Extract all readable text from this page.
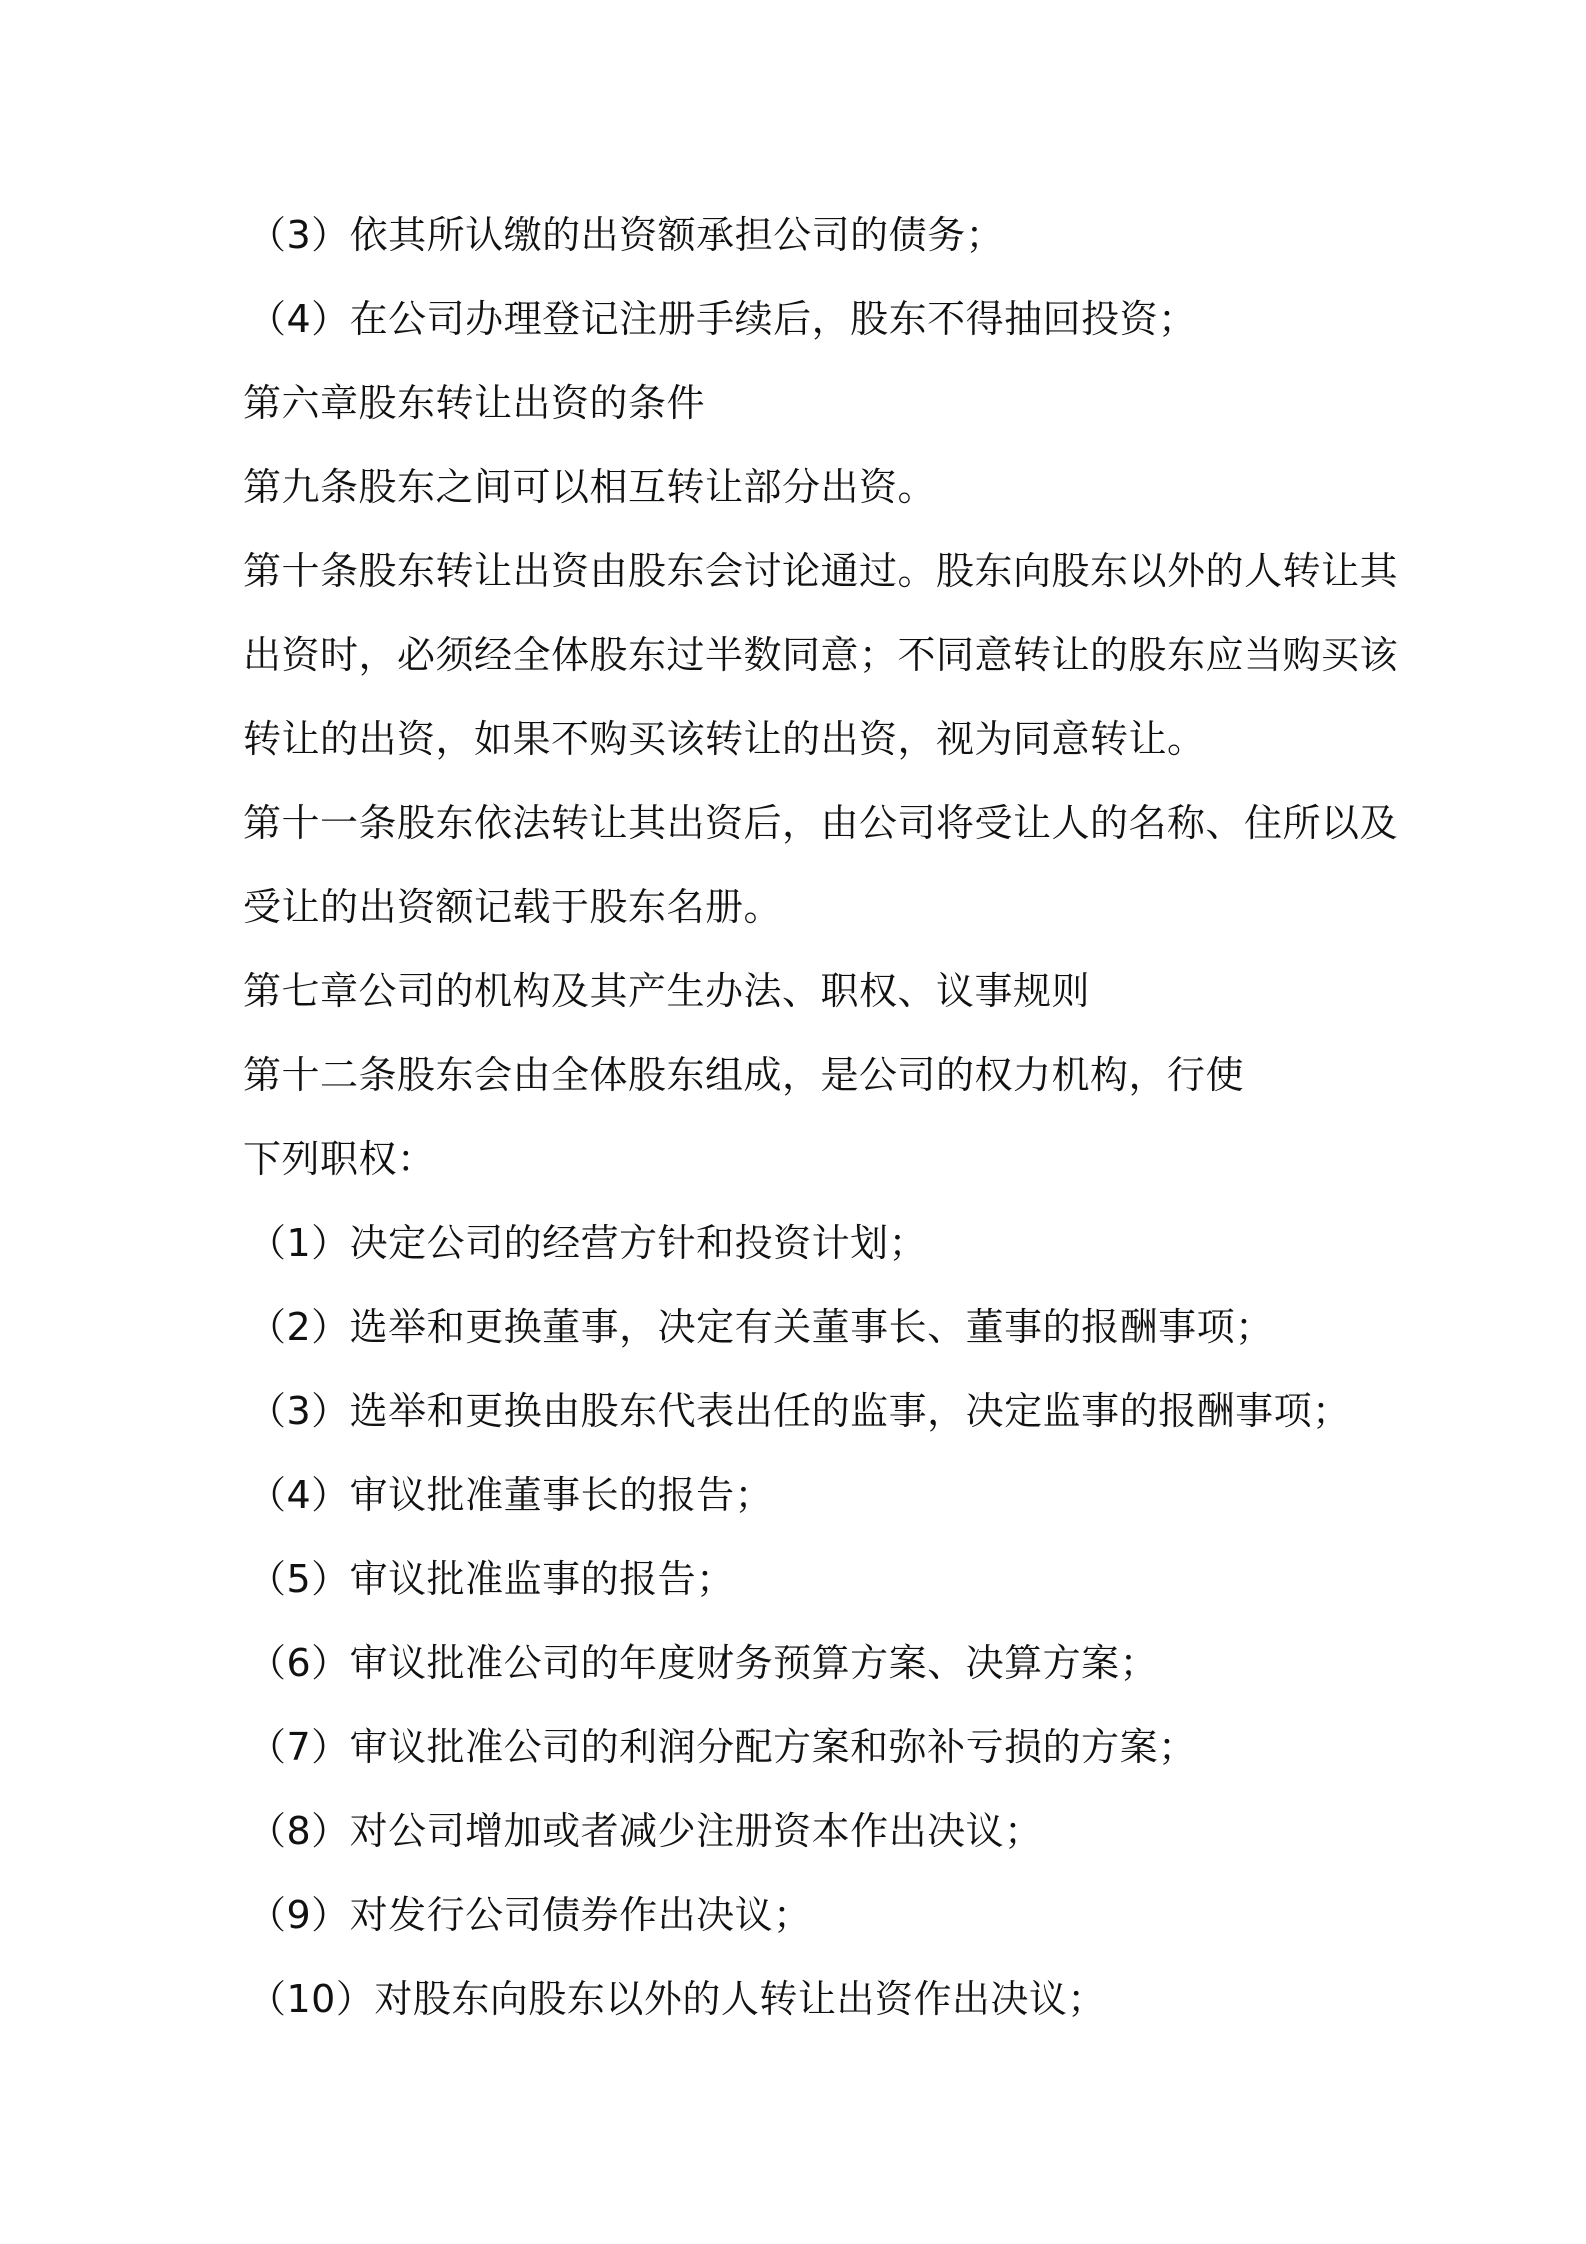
（3）依其所认缴的出资额承担公司的债务；
（4）在公司办理登记注册手续后，股东不得抽回投资；
第六章股东转让出资的条件
第九条股东之间可以相互转让部分出资。
第十条股东转让出资由股东会讨论通过。股东向股东以外的人转让其
出资时，必须经全体股东过半数同意；不同意转让的股东应当购买该
转让的出资，如果不购买该转让的出资，视为同意转让。
第十一条股东依法转让其出资后，由公司将受让人的名称、住所以及
受让的出资额记载于股东名册。
第七章公司的机构及其产生办法、职权、议事规则
第十二条股东会由全体股东组成，是公司的权力机构，行使
下列职权：
（1）决定公司的经营方针和投资计划；
（2）选举和更换董事，决定有关董事长、董事的报酬事项；
（3）选举和更换由股东代表出任的监事，决定监事的报酬事项；
（4）审议批准董事长的报告；
（5）审议批准监事的报告；
（6）审议批准公司的年度财务预算方案、决算方案；
（7）审议批准公司的利润分配方案和弥补亏损的方案；
（8）对公司增加或者减少注册资本作出决议；
（9）对发行公司债券作出决议；
（10）对股东向股东以外的人转让出资作出决议；
